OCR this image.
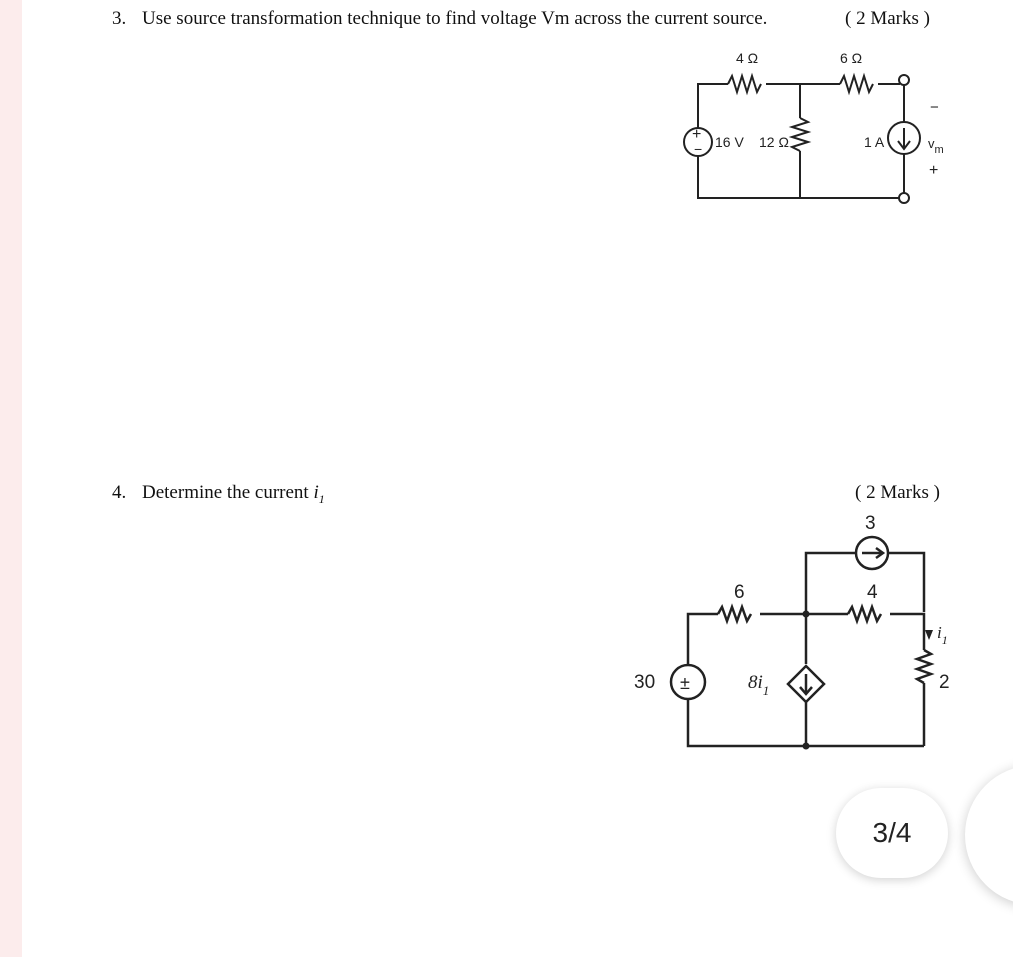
3. Use source transformation technique to find voltage Vm across the current source.	( 2 Marks )
4 Ω	6 Ω
+
− 16 V 12 Ω	1 A
−
$v_m$
+
4. Determine the current $i_1$	( 2 Marks )
3
6	4
30 ±	$8i_1$
$i_1$
2
3/4
